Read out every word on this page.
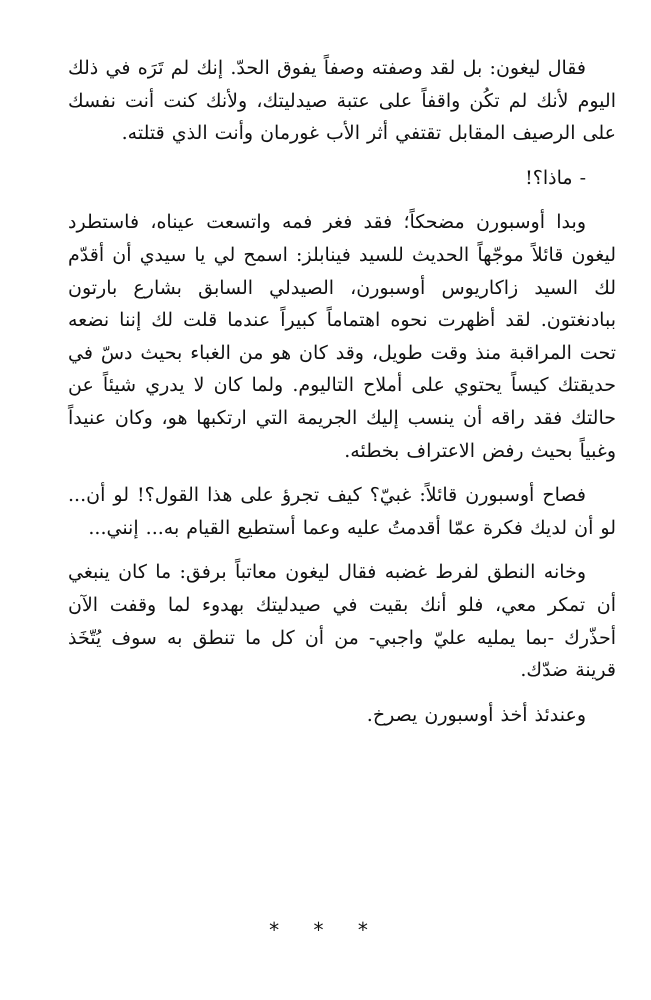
فقال ليغون: بل لقد وصفته وصفاً يفوق الحدّ. إنك لم تَرَه في ذلك اليوم لأنك لم تكُن واقفاً على عتبة صيدليتك، ولأنك كنت أنت نفسك على الرصيف المقابل تقتفي أثر الأب غورمان وأنت الذي قتلته.

- ماذا؟!

وبدا أوسبورن مضحكاً؛ فقد فغر فمه واتسعت عيناه، فاستطرد ليغون قائلاً موجّهاً الحديث للسيد فينابلز: اسمح لي يا سيدي أن أقدّم لك السيد زاكاريوس أوسبورن، الصيدلي السابق بشارع بارتون ببادنغتون. لقد أظهرت نحوه اهتماماً كبيراً عندما قلت لك إننا نضعه تحت المراقبة منذ وقت طويل، وقد كان هو من الغباء بحيث دسّ في حديقتك كيساً يحتوي على أملاح التاليوم. ولما كان لا يدري شيئاً عن حالتك فقد راقه أن ينسب إليك الجريمة التي ارتكبها هو، وكان عنيداً وغبياً بحيث رفض الاعتراف بخطئه.

فصاح أوسبورن قائلاً: غبيّ؟ كيف تجرؤ على هذا القول؟! لو أن... لو أن لديك فكرة عمّا أقدمتُ عليه وعما أستطيع القيام به... إنني...

وخانه النطق لفرط غضبه فقال ليغون معاتباً برفق: ما كان ينبغي أن تمكر معي، فلو أنك بقيت في صيدليتك بهدوء لما وقفت الآن أحذّرك -بما يمليه عليّ واجبي- من أن كل ما تنطق به سوف يُتّخَذ قرينة ضدّك.

وعندئذ أخذ أوسبورن يصرخ.

* * *
